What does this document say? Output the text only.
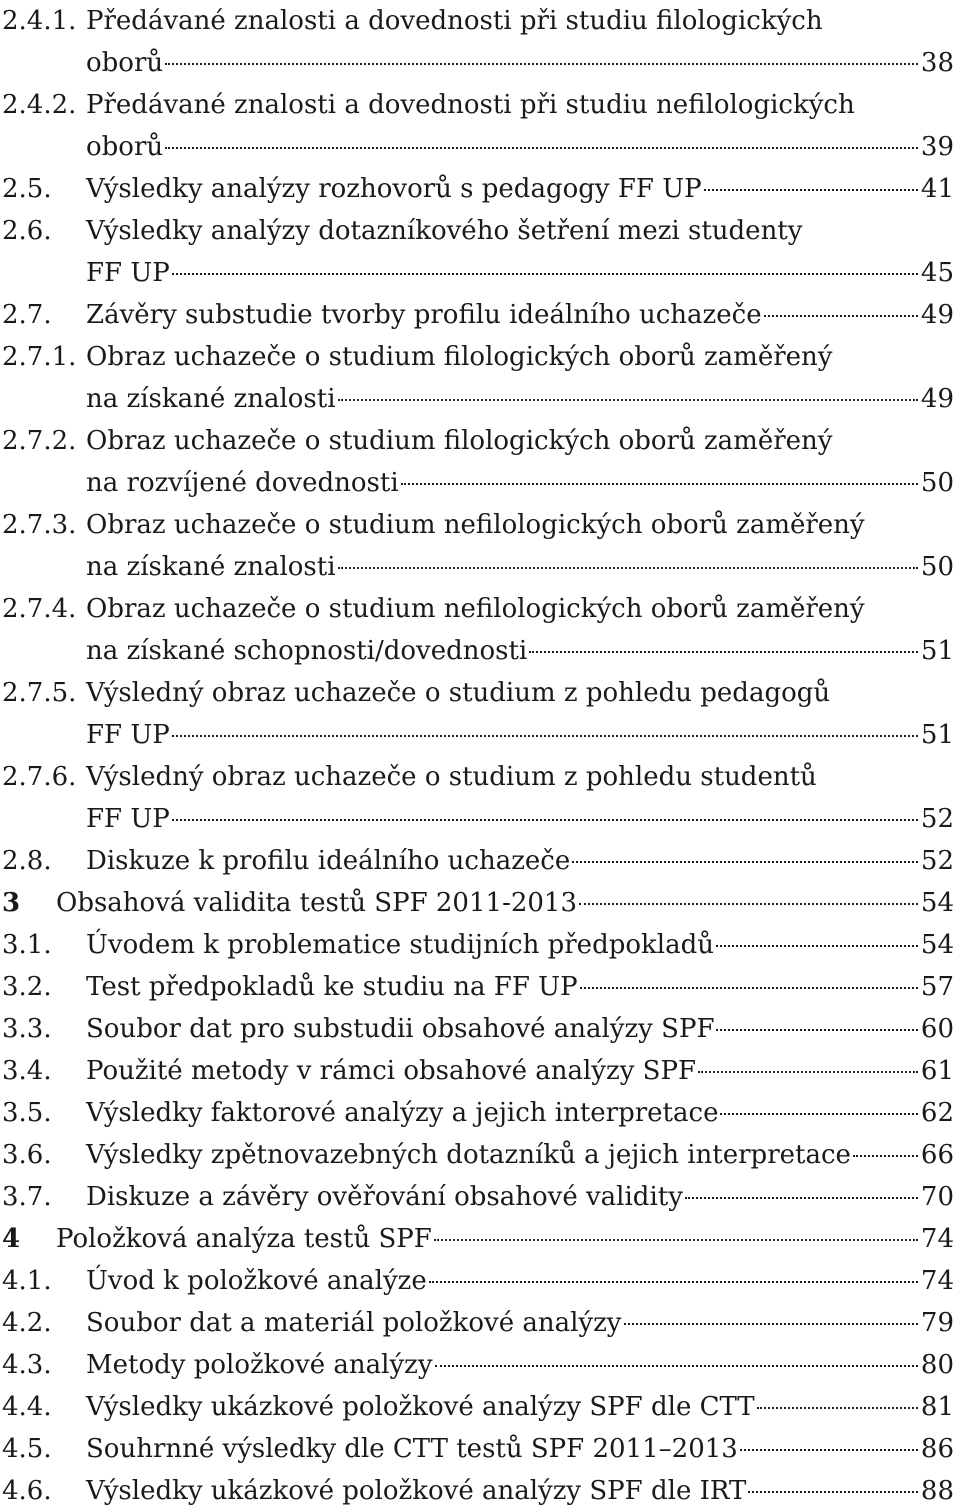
2.4.1. Předávané znalosti a dovednosti při studiu filologických
oborů	38
2.4.2. Předávané znalosti a dovednosti při studiu nefilologických
oborů	39
2.5. Výsledky analýzy rozhovorů s pedagogy FF UP	41
2.6. Výsledky analýzy dotazníkového šetření mezi studenty
FF UP	45
2.7. Závěry substudie tvorby profilu ideálního uchazeče	49
2.7.1. Obraz uchazeče o studium filologických oborů zaměřený
na získané znalosti	49
2.7.2. Obraz uchazeče o studium filologických oborů zaměřený
na rozvíjené dovednosti	50
2.7.3. Obraz uchazeče o studium nefilologických oborů zaměřený
na získané znalosti	50
2.7.4. Obraz uchazeče o studium nefilologických oborů zaměřený
na získané schopnosti/dovednosti	51
2.7.5. Výsledný obraz uchazeče o studium z pohledu pedagogů
FF UP	51
2.7.6. Výsledný obraz uchazeče o studium z pohledu studentů
FF UP	52
2.8. Diskuze k profilu ideálního uchazeče	52
3 Obsahová validita testů SPF 2011-2013	54
3.1. Úvodem k problematice studijních předpokladů	54
3.2. Test předpokladů ke studiu na FF UP	57
3.3. Soubor dat pro substudii obsahové analýzy SPF	60
3.4. Použité metody v rámci obsahové analýzy SPF	61
3.5. Výsledky faktorové analýzy a jejich interpretace	62
3.6. Výsledky zpětnovazebných dotazníků a jejich interpretace	66
3.7. Diskuze a závěry ověřování obsahové validity	70
4 Položková analýza testů SPF	74
4.1. Úvod k položkové analýze	74
4.2. Soubor dat a materiál položkové analýzy	79
4.3. Metody položkové analýzy	80
4.4. Výsledky ukázkové položkové analýzy SPF dle CTT	81
4.5. Souhrnné výsledky dle CTT testů SPF 2011–2013	86
4.6. Výsledky ukázkové položkové analýzy SPF dle IRT	88
